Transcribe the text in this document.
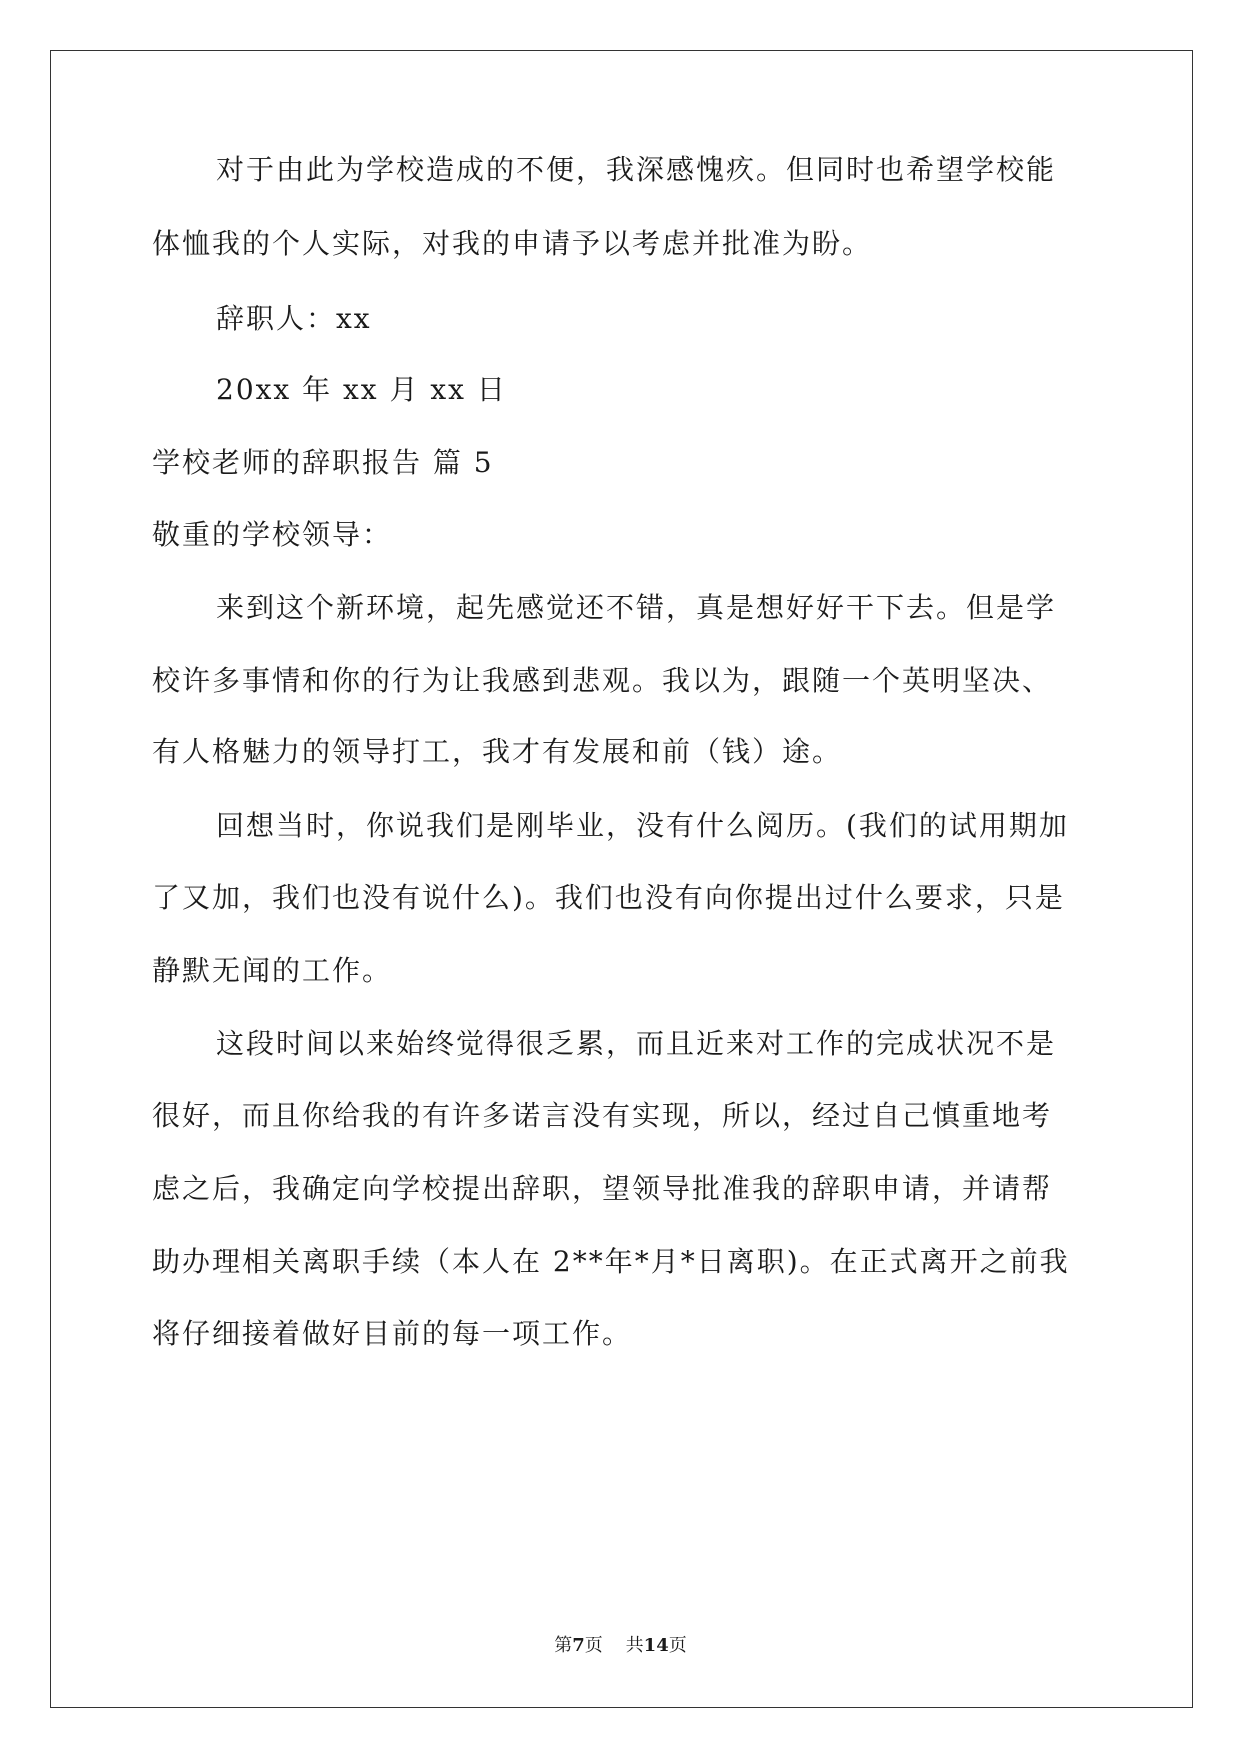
对于由此为学校造成的不便，我深感愧疚。但同时也希望学校能
体恤我的个人实际，对我的申请予以考虑并批准为盼。
辞职人：xx
20xx 年 xx 月 xx 日
学校老师的辞职报告 篇 5
敬重的学校领导：
来到这个新环境，起先感觉还不错，真是想好好干下去。但是学
校许多事情和你的行为让我感到悲观。我以为，跟随一个英明坚决、
有人格魅力的领导打工，我才有发展和前（钱）途。
回想当时，你说我们是刚毕业，没有什么阅历。(我们的试用期加
了又加，我们也没有说什么)。我们也没有向你提出过什么要求，只是
静默无闻的工作。
这段时间以来始终觉得很乏累，而且近来对工作的完成状况不是
很好，而且你给我的有许多诺言没有实现，所以，经过自己慎重地考
虑之后，我确定向学校提出辞职，望领导批准我的辞职申请，并请帮
助办理相关离职手续（本人在 2**年*月*日离职)。在正式离开之前我
将仔细接着做好目前的每一项工作。
第7页 共14页
